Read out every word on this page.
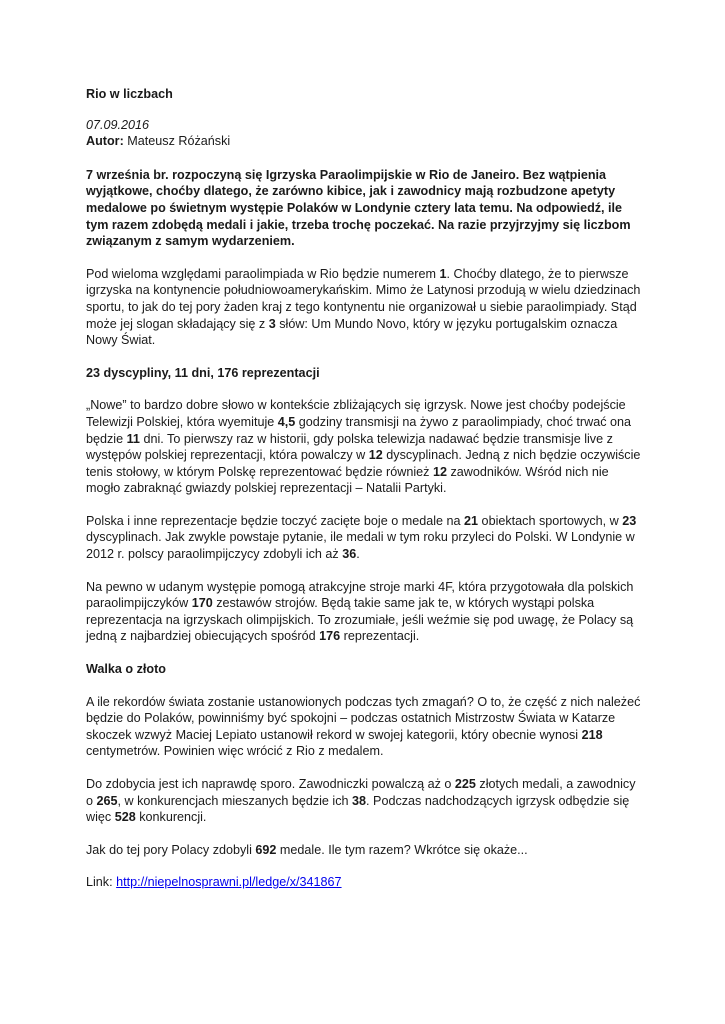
Rio w liczbach
07.09.2016
Autor: Mateusz Różański
7 września br. rozpoczyną się Igrzyska Paraolimpijskie w Rio de Janeiro. Bez wątpienia wyjątkowe, choćby dlatego, że zarówno kibice, jak i zawodnicy mają rozbudzone apetyty medalowe po świetnym występie Polaków w Londynie cztery lata temu. Na odpowiedź, ile tym razem zdobędą medali i jakie, trzeba trochę poczekać. Na razie przyjrzyjmy się liczbom związanym z samym wydarzeniem.

Pod wieloma względami paraolimpiada w Rio będzie numerem 1. Choćby dlatego, że to pierwsze igrzyska na kontynencie południowoamerykańskim. Mimo że Latynosi przodują w wielu dziedzinach sportu, to jak do tej pory żaden kraj z tego kontynentu nie organizował u siebie paraolimpiady. Stąd może jej slogan składający się z 3 słów: Um Mundo Novo, który w języku portugalskim oznacza Nowy Świat.

23 dyscypliny, 11 dni, 176 reprezentacji

„Nowe” to bardzo dobre słowo w kontekście zbliżających się igrzysk. Nowe jest choćby podejście Telewizji Polskiej, która wyemituje 4,5 godziny transmisji na żywo z paraolimpiady, choć trwać ona będzie 11 dni. To pierwszy raz w historii, gdy polska telewizja nadawać będzie transmisje live z występów polskiej reprezentacji, która powalczy w 12 dyscyplinach. Jedną z nich będzie oczywiście tenis stołowy, w którym Polskę reprezentować będzie również 12 zawodników. Wśród nich nie mogło zabraknąć gwiazdy polskiej reprezentacji – Natalii Partyki.

Polska i inne reprezentacje będzie toczyć zacięte boje o medale na 21 obiektach sportowych, w 23 dyscyplinach. Jak zwykle powstaje pytanie, ile medali w tym roku przyleci do Polski. W Londynie w 2012 r. polscy paraolimpijczycy zdobyli ich aż 36.

Na pewno w udanym występie pomogą atrakcyjne stroje marki 4F, która przygotowała dla polskich paraolimpijczyków 170 zestawów strojów. Będą takie same jak te, w których wystąpi polska reprezentacja na igrzyskach olimpijskich. To zrozumiałe, jeśli weźmie się pod uwagę, że Polacy są jedną z najbardziej obiecujących spośród 176 reprezentacji.

Walka o złoto

A ile rekordów świata zostanie ustanowionych podczas tych zmagań? O to, że część z nich należeć będzie do Polaków, powinniśmy być spokojni – podczas ostatnich Mistrzostw Świata w Katarze skoczek wzwyż Maciej Lepiato ustanowił rekord w swojej kategorii, który obecnie wynosi 218 centymetrów. Powinien więc wrócić z Rio z medalem.

Do zdobycia jest ich naprawdę sporo. Zawodniczki powalczą aż o 225 złotych medali, a zawodnicy o 265, w konkurencjach mieszanych będzie ich 38. Podczas nadchodzących igrzysk odbędzie się więc 528 konkurencji.

Jak do tej pory Polacy zdobyli 692 medale. Ile tym razem? Wkrótce się okaże...

Link: http://niepelnosprawni.pl/ledge/x/341867
